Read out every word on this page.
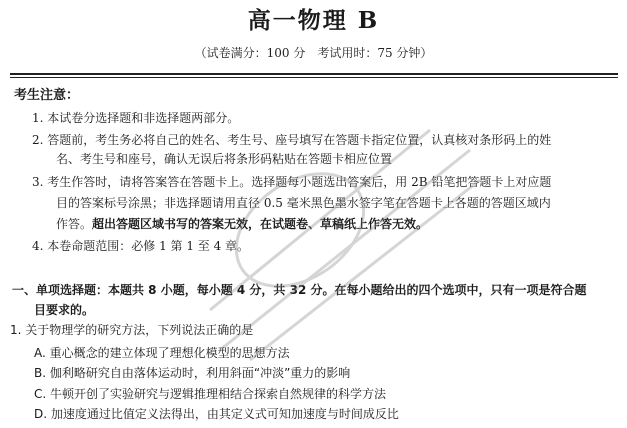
高一物理 B
（试卷满分：100 分　考试用时：75 分钟）
考生注意：
1. 本试卷分选择题和非选择题两部分。
2. 答题前，考生务必将自己的姓名、考生号、座号填写在答题卡指定位置，认真核对条形码上的姓
名、考生号和座号，确认无误后将条形码粘贴在答题卡相应位置
3. 考生作答时，请将答案答在答题卡上。选择题每小题选出答案后，用 2B 铅笔把答题卡上对应题
目的答案标号涂黑；非选择题请用直径 0.5 毫米黑色墨水签字笔在答题卡上各题的答题区域内
作答。超出答题区域书写的答案无效，在试题卷、草稿纸上作答无效。
4. 本卷命题范围：必修 1 第 1 至 4 章。
一、单项选择题：本题共 8 小题，每小题 4 分，共 32 分。在每小题给出的四个选项中，只有一项是符合题
目要求的。
1. 关于物理学的研究方法，下列说法正确的是
A. 重心概念的建立体现了理想化模型的思想方法
B. 伽利略研究自由落体运动时，利用斜面“冲淡”重力的影响
C. 牛顿开创了实验研究与逻辑推理相结合探索自然规律的科学方法
D. 加速度通过比值定义法得出，由其定义式可知加速度与时间成反比
